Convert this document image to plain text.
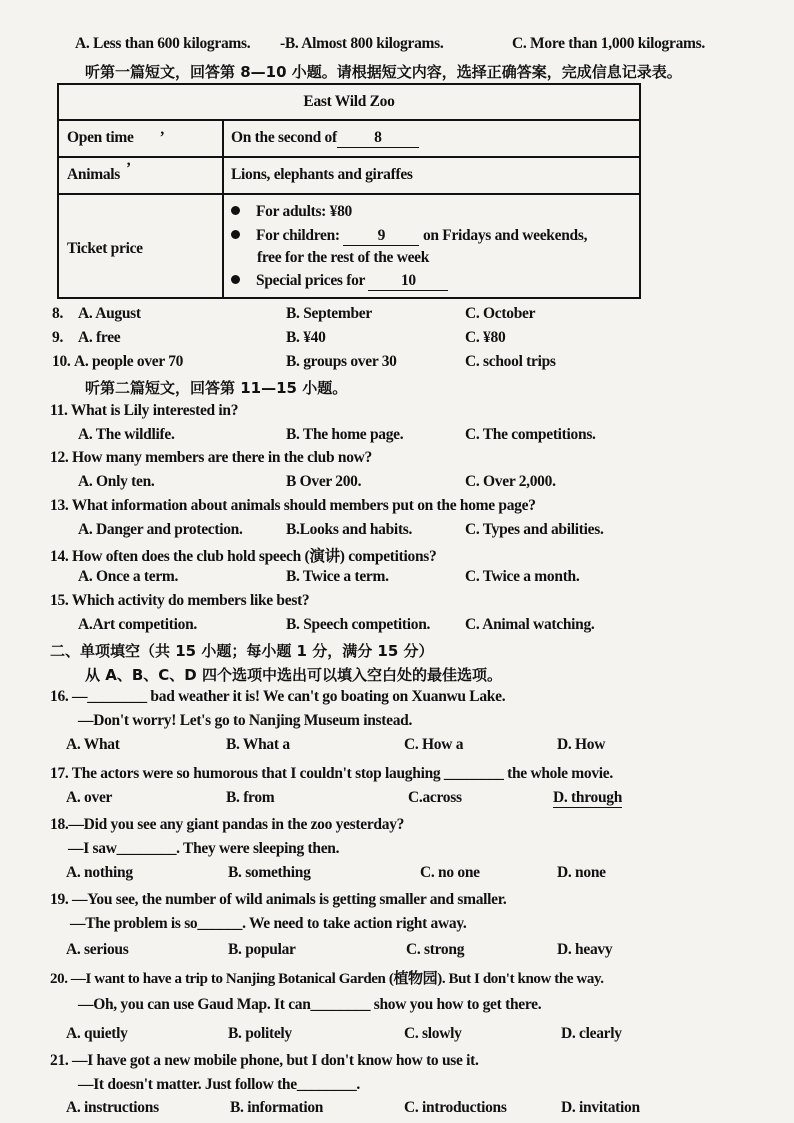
A. Less than 600 kilograms. -B. Almost 800 kilograms.	C. More than 1,000 kilograms.
听第一篇短文，回答第 8—10 小题。请根据短文内容，选择正确答案，完成信息记录表。
East Wild Zoo
Open time ʼ	On the second of 8
Animals ʼ	Lions, elephants and giraffes
Ticket price
For adults: ¥80
For children: 9 on Fridays and weekends,
free for the rest of the week
Special prices for 10
8. A. August	B. September	C. October
9. A. free	B. ¥40	C. ¥80
10. A. people over 70	B. groups over 30	C. school trips
听第二篇短文，回答第 11—15 小题。
11. What is Lily interested in?
A. The wildlife.	B. The home page.	C. The competitions.
12. How many members are there in the club now?
A. Only ten.	B Over 200.	C. Over 2,000.
13. What information about animals should members put on the home page?
A. Danger and protection.	B.Looks and habits.	C. Types and abilities.
14. How often does the club hold speech (演讲) competitions?
A. Once a term.	B. Twice a term.	C. Twice a month.
15. Which activity do members like best?
A.Art competition.	B. Speech competition. C. Animal watching.
二、单项填空（共 15 小题；每小题 1 分，满分 15 分）
从 A、B、C、D 四个选项中选出可以填入空白处的最佳选项。
16. —________ bad weather it is! We can't go boating on Xuanwu Lake.
—Don't worry! Let's go to Nanjing Museum instead.
A. What	B. What a	C. How a	D. How
17. The actors were so humorous that I couldn't stop laughing ________ the whole movie.
A. over	B. from	C.across	D. through
18.—Did you see any giant pandas in the zoo yesterday?
—I saw________. They were sleeping then.
A. nothing	B. something	C. no one	D. none
19. —You see, the number of wild animals is getting smaller and smaller.
—The problem is so______. We need to take action right away.
A. serious	B. popular	C. strong	D. heavy
20. —I want to have a trip to Nanjing Botanical Garden (植物园). But I don't know the way.
—Oh, you can use Gaud Map. It can________ show you how to get there.
A. quietly	B. politely	C. slowly	D. clearly
21. —I have got a new mobile phone, but I don't know how to use it.
—It doesn't matter. Just follow the________.
A. instructions	B. information	C. introductions	D. invitation
